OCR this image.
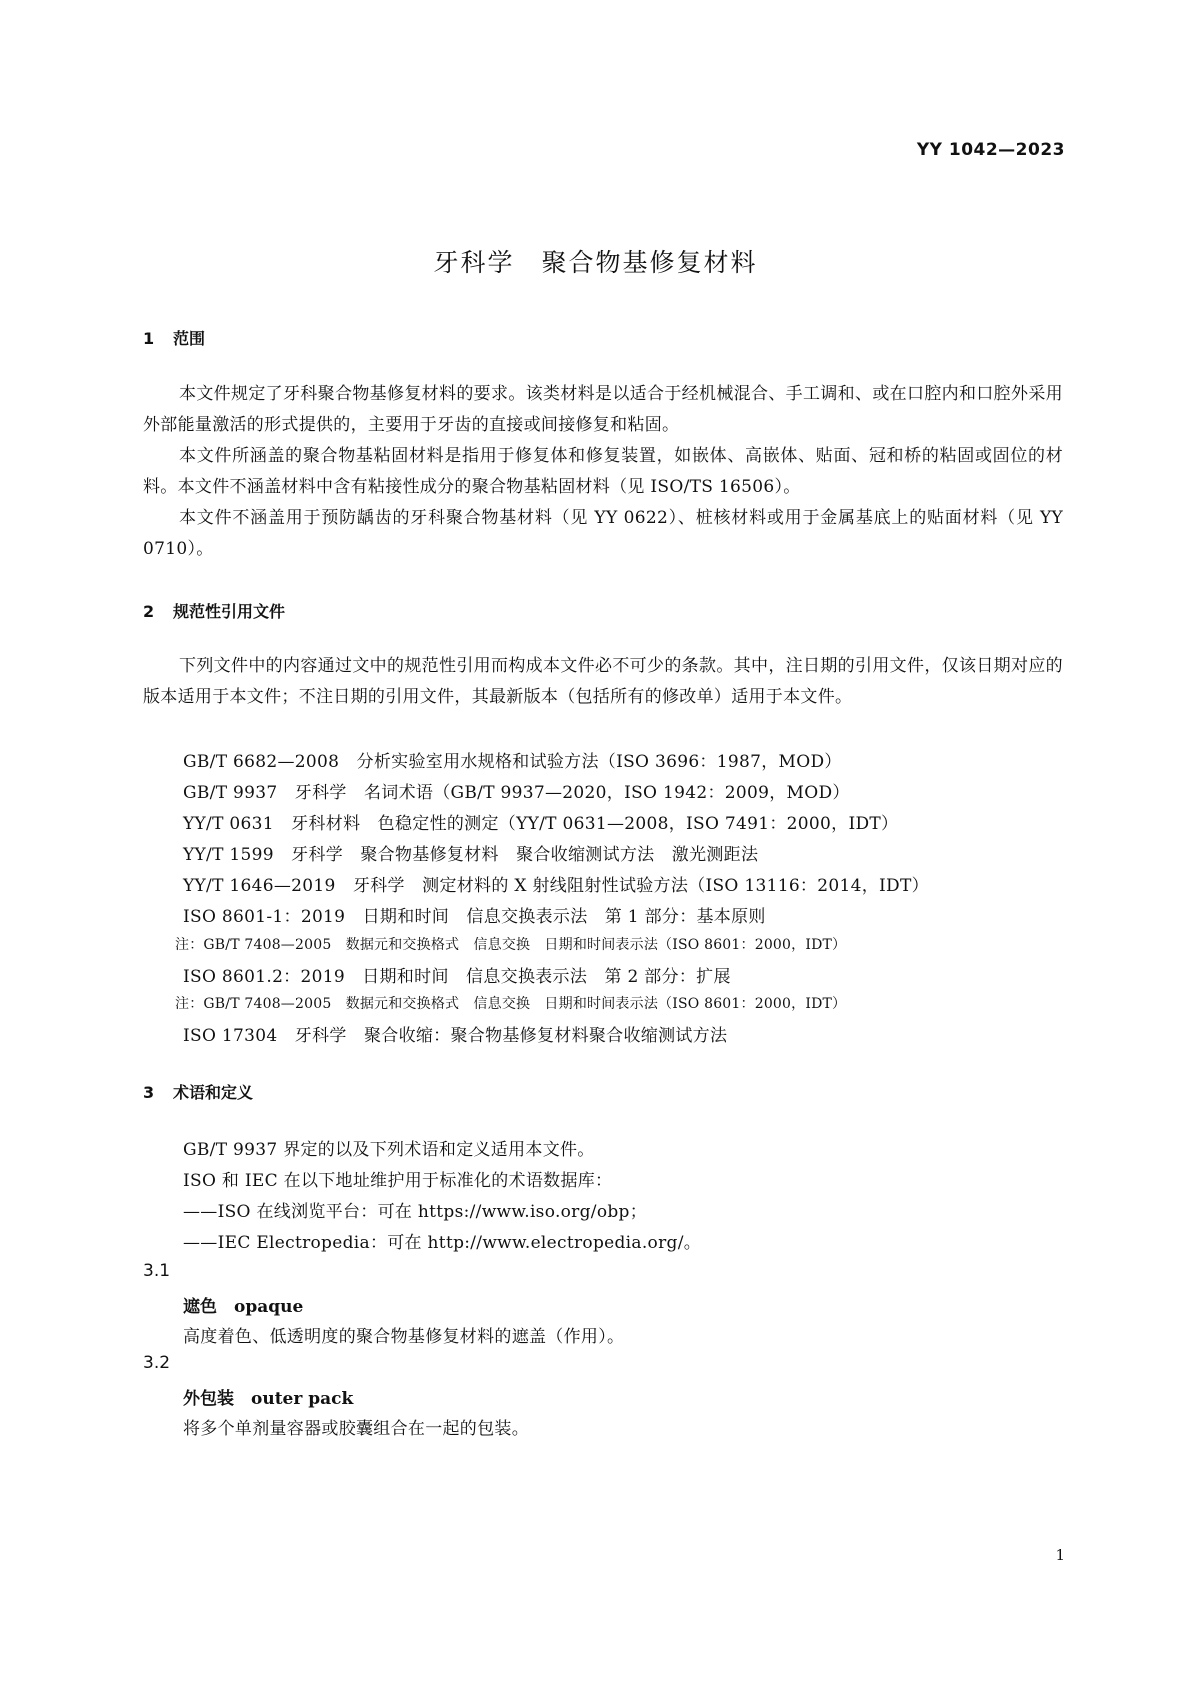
YY 1042—2023
牙科学　聚合物基修复材料
1 范围
本文件规定了牙科聚合物基修复材料的要求。该类材料是以适合于经机械混合、手工调和、或在口腔内和口腔外采用外部能量激活的形式提供的，主要用于牙齿的直接或间接修复和粘固。
本文件所涵盖的聚合物基粘固材料是指用于修复体和修复装置，如嵌体、高嵌体、贴面、冠和桥的粘固或固位的材料。本文件不涵盖材料中含有粘接性成分的聚合物基粘固材料（见 ISO/TS 16506）。
本文件不涵盖用于预防龋齿的牙科聚合物基材料（见 YY 0622）、桩核材料或用于金属基底上的贴面材料（见 YY 0710）。
2 规范性引用文件
下列文件中的内容通过文中的规范性引用而构成本文件必不可少的条款。其中，注日期的引用文件，仅该日期对应的版本适用于本文件；不注日期的引用文件，其最新版本（包括所有的修改单）适用于本文件。
GB/T 6682—2008　分析实验室用水规格和试验方法（ISO 3696：1987，MOD）
GB/T 9937　牙科学　名词术语（GB/T 9937—2020，ISO 1942：2009，MOD）
YY/T 0631　牙科材料　色稳定性的测定（YY/T 0631—2008，ISO 7491：2000，IDT）
YY/T 1599　牙科学　聚合物基修复材料　聚合收缩测试方法　激光测距法
YY/T 1646—2019　牙科学　测定材料的 X 射线阻射性试验方法（ISO 13116：2014，IDT）
ISO 8601-1：2019　日期和时间　信息交换表示法　第 1 部分：基本原则
注：GB/T 7408—2005　数据元和交换格式　信息交换　日期和时间表示法（ISO 8601：2000，IDT）
ISO 8601.2：2019　日期和时间　信息交换表示法　第 2 部分：扩展
注：GB/T 7408—2005　数据元和交换格式　信息交换　日期和时间表示法（ISO 8601：2000，IDT）
ISO 17304　牙科学　聚合收缩：聚合物基修复材料聚合收缩测试方法
3 术语和定义
GB/T 9937 界定的以及下列术语和定义适用本文件。
ISO 和 IEC 在以下地址维护用于标准化的术语数据库：
——ISO 在线浏览平台：可在 https://www.iso.org/obp；
——IEC Electropedia：可在 http://www.electropedia.org/。
3.1
遮色　opaque
高度着色、低透明度的聚合物基修复材料的遮盖（作用）。
3.2
外包装　outer pack
将多个单剂量容器或胶囊组合在一起的包装。
1
